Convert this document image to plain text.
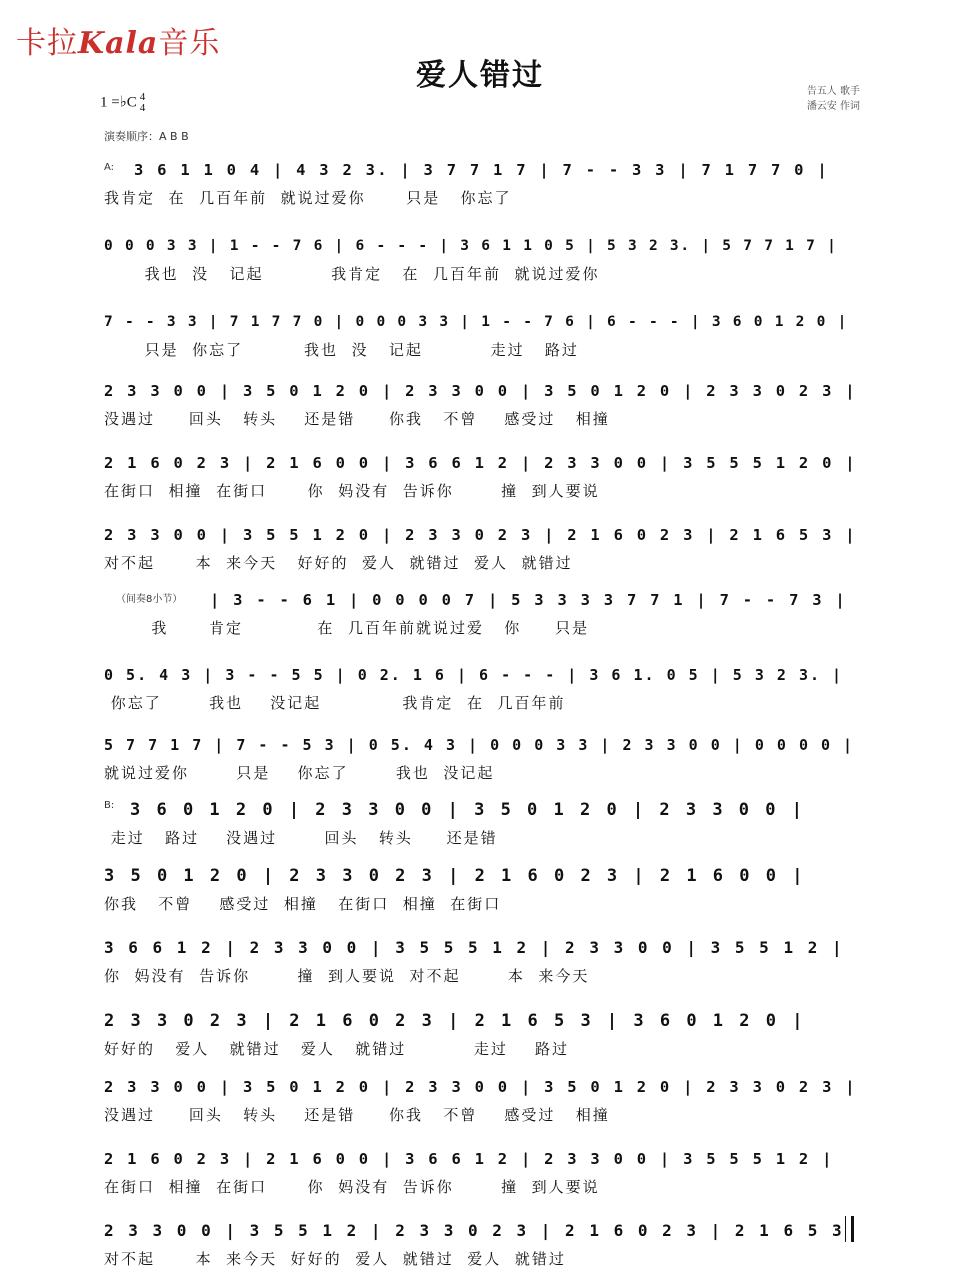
卡拉Kala音乐
爱人错过
1 =♭C 4
4
告五人 歌手
潘云安 作词
演奏顺序：A B B
A:
B:
（间奏8小节）
3 6 1 1 0 4 | 4 3 2 3. | 3 7 7 1 7 | 7 - - 3 3 | 7 1 7 7 0 |
我肯定  在  几百年前  就说过爱你      只是   你忘了
0 0 0 3 3 | 1 - - 7 6 | 6 - - - | 3 6 1 1 0 5 | 5 3 2 3. | 5 7 7 1 7 |
我也  没   记起          我肯定   在  几百年前  就说过爱你
7 - - 3 3 | 7 1 7 7 0 | 0 0 0 3 3 | 1 - - 7 6 | 6 - - - | 3 6 0 1 2 0 |
只是  你忘了         我也  没   记起          走过   路过
2 3 3 0 0 | 3 5 0 1 2 0 | 2 3 3 0 0 | 3 5 0 1 2 0 | 2 3 3 0 2 3 |
没遇过     回头   转头    还是错     你我   不曾    感受过   相撞
2 1 6 0 2 3 | 2 1 6 0 0 | 3 6 6 1 2 | 2 3 3 0 0 | 3 5 5 5 1 2 0 |
在街口  相撞  在街口      你  妈没有  告诉你       撞  到人要说
2 3 3 0 0 | 3 5 5 1 2 0 | 2 3 3 0 2 3 | 2 1 6 0 2 3 | 2 1 6 5 3 |
对不起      本  来今天   好好的  爱人  就错过  爱人  就错过
| 3 - - 6 1 | 0 0 0 0 7 | 5 3 3 3 3 7 7 1 | 7 - - 7 3 |
我      肯定           在  几百年前就说过爱   你     只是
0 5. 4 3 | 3 - - 5 5 | 0 2. 1 6 | 6 - - - | 3 6 1. 0 5 | 5 3 2 3. |
你忘了       我也    没记起            我肯定  在  几百年前
5 7 7 1 7 | 7 - - 5 3 | 0 5. 4 3 | 0 0 0 3 3 | 2 3 3 0 0 | 0 0 0 0 |
就说过爱你       只是    你忘了       我也  没记起
3 6 0 1 2 0 | 2 3 3 0 0 | 3 5 0 1 2 0 | 2 3 3 0 0 |
走过   路过    没遇过       回头   转头     还是错
3 5 0 1 2 0 | 2 3 3 0 2 3 | 2 1 6 0 2 3 | 2 1 6 0 0 |
你我   不曾    感受过  相撞   在街口  相撞  在街口
3 6 6 1 2 | 2 3 3 0 0 | 3 5 5 5 1 2 | 2 3 3 0 0 | 3 5 5 1 2 |
你  妈没有  告诉你       撞  到人要说  对不起       本  来今天
2 3 3 0 2 3 | 2 1 6 0 2 3 | 2 1 6 5 3 | 3 6 0 1 2 0 |
好好的   爱人   就错过   爱人   就错过          走过    路过
2 3 3 0 0 | 3 5 0 1 2 0 | 2 3 3 0 0 | 3 5 0 1 2 0 | 2 3 3 0 2 3 |
没遇过     回头   转头    还是错     你我   不曾    感受过   相撞
2 1 6 0 2 3 | 2 1 6 0 0 | 3 6 6 1 2 | 2 3 3 0 0 | 3 5 5 5 1 2 |
在街口  相撞  在街口      你  妈没有  告诉你       撞  到人要说
2 3 3 0 0 | 3 5 5 1 2 | 2 3 3 0 2 3 | 2 1 6 0 2 3 | 2 1 6 5 3
对不起      本  来今天  好好的  爱人  就错过  爱人  就错过
